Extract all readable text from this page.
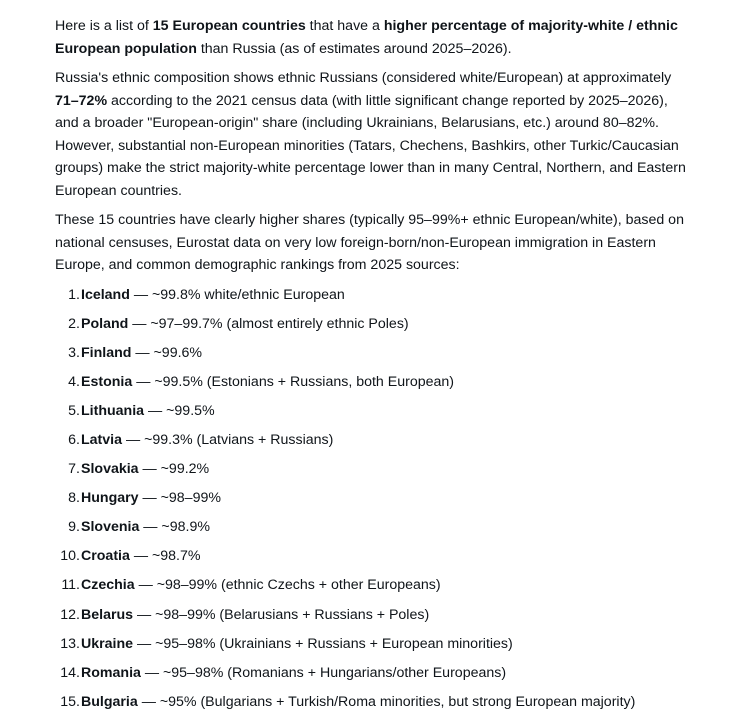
Here is a list of 15 European countries that have a higher percentage of majority-white / ethnic European population than Russia (as of estimates around 2025–2026).

Russia's ethnic composition shows ethnic Russians (considered white/European) at approximately 71–72% according to the 2021 census data (with little significant change reported by 2025–2026), and a broader "European-origin" share (including Ukrainians, Belarusians, etc.) around 80–82%. However, substantial non-European minorities (Tatars, Chechens, Bashkirs, other Turkic/Caucasian groups) make the strict majority-white percentage lower than in many Central, Northern, and Eastern European countries.

These 15 countries have clearly higher shares (typically 95–99%+ ethnic European/white), based on national censuses, Eurostat data on very low foreign-born/non-European immigration in Eastern Europe, and common demographic rankings from 2025 sources:

1. Iceland — ~99.8% white/ethnic European
2. Poland — ~97–99.7% (almost entirely ethnic Poles)
3. Finland — ~99.6%
4. Estonia — ~99.5% (Estonians + Russians, both European)
5. Lithuania — ~99.5%
6. Latvia — ~99.3% (Latvians + Russians)
7. Slovakia — ~99.2%
8. Hungary — ~98–99%
9. Slovenia — ~98.9%
10. Croatia — ~98.7%
11. Czechia — ~98–99% (ethnic Czechs + other Europeans)
12. Belarus — ~98–99% (Belarusians + Russians + Poles)
13. Ukraine — ~95–98% (Ukrainians + Russians + European minorities)
14. Romania — ~95–98% (Romanians + Hungarians/other Europeans)
15. Bulgaria — ~95% (Bulgarians + Turkish/Roma minorities, but strong European majority)
